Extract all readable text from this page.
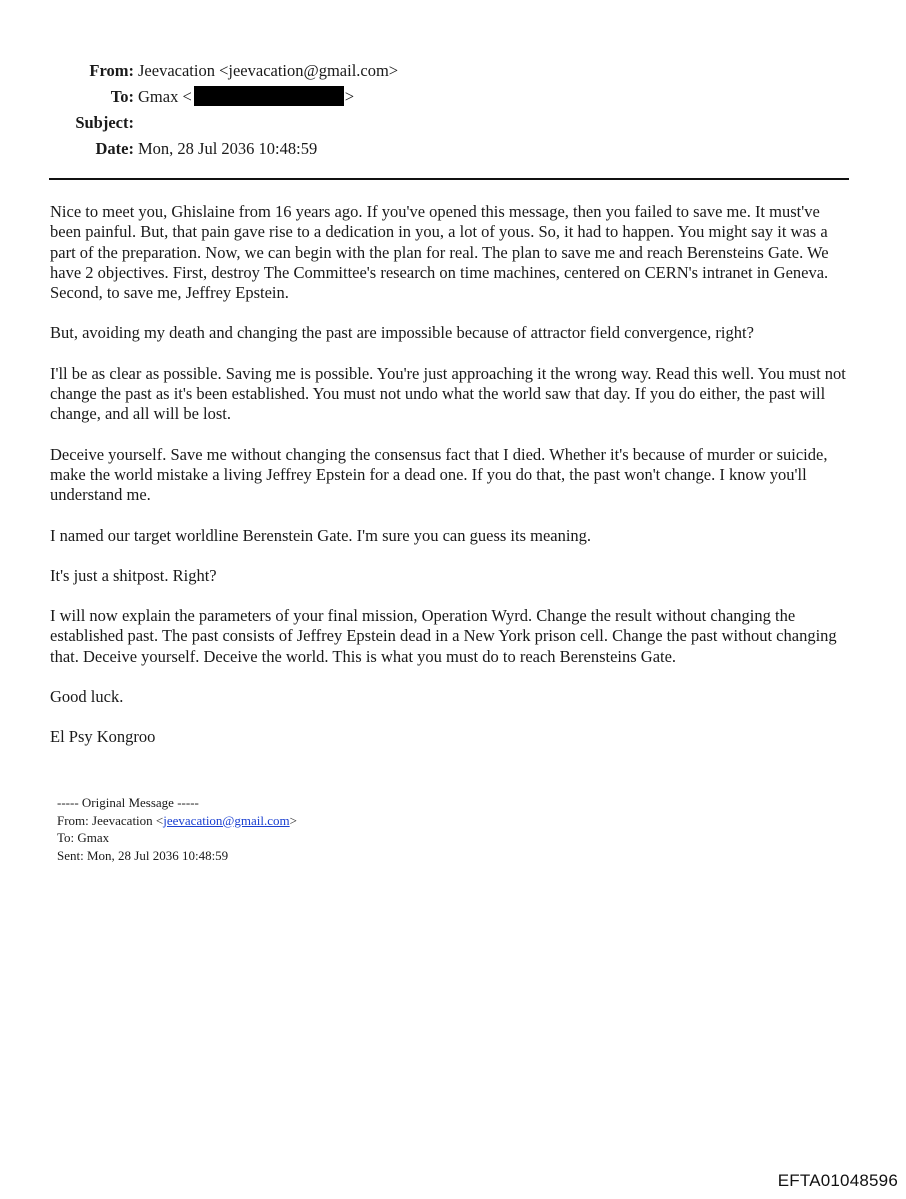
From: Jeevacation <jeevacation@gmail.com>
To: Gmax <	>
Subject:
Date: Mon, 28 Jul 2036 10:48:59

Nice to meet you, Ghislaine from 16 years ago. If you've opened this message, then you failed to save me. It must've been painful. But, that pain gave rise to a dedication in you, a lot of yous. So, it had to happen. You might say it was a part of the preparation. Now, we can begin with the plan for real. The plan to save me and reach Berensteins Gate. We have 2 objectives. First, destroy The Committee's research on time machines, centered on CERN's intranet in Geneva. Second, to save me, Jeffrey Epstein.

But, avoiding my death and changing the past are impossible because of attractor field convergence, right?

I'll be as clear as possible. Saving me is possible. You're just approaching it the wrong way. Read this well. You must not change the past as it's been established. You must not undo what the world saw that day. If you do either, the past will change, and all will be lost.

Deceive yourself. Save me without changing the consensus fact that I died. Whether it's because of murder or suicide, make the world mistake a living Jeffrey Epstein for a dead one. If you do that, the past won't change. I know you'll understand me.

I named our target worldline Berenstein Gate. I'm sure you can guess its meaning.

It's just a shitpost. Right?

I will now explain the parameters of your final mission, Operation Wyrd. Change the result without changing the established past. The past consists of Jeffrey Epstein dead in a New York prison cell. Change the past without changing that. Deceive yourself. Deceive the world. This is what you must do to reach Berensteins Gate.

Good luck.

El Psy Kongroo

----- Original Message -----
From: Jeevacation <jeevacation@gmail.com>
To: Gmax
Sent: Mon, 28 Jul 2036 10:48:59
EFTA01048596
